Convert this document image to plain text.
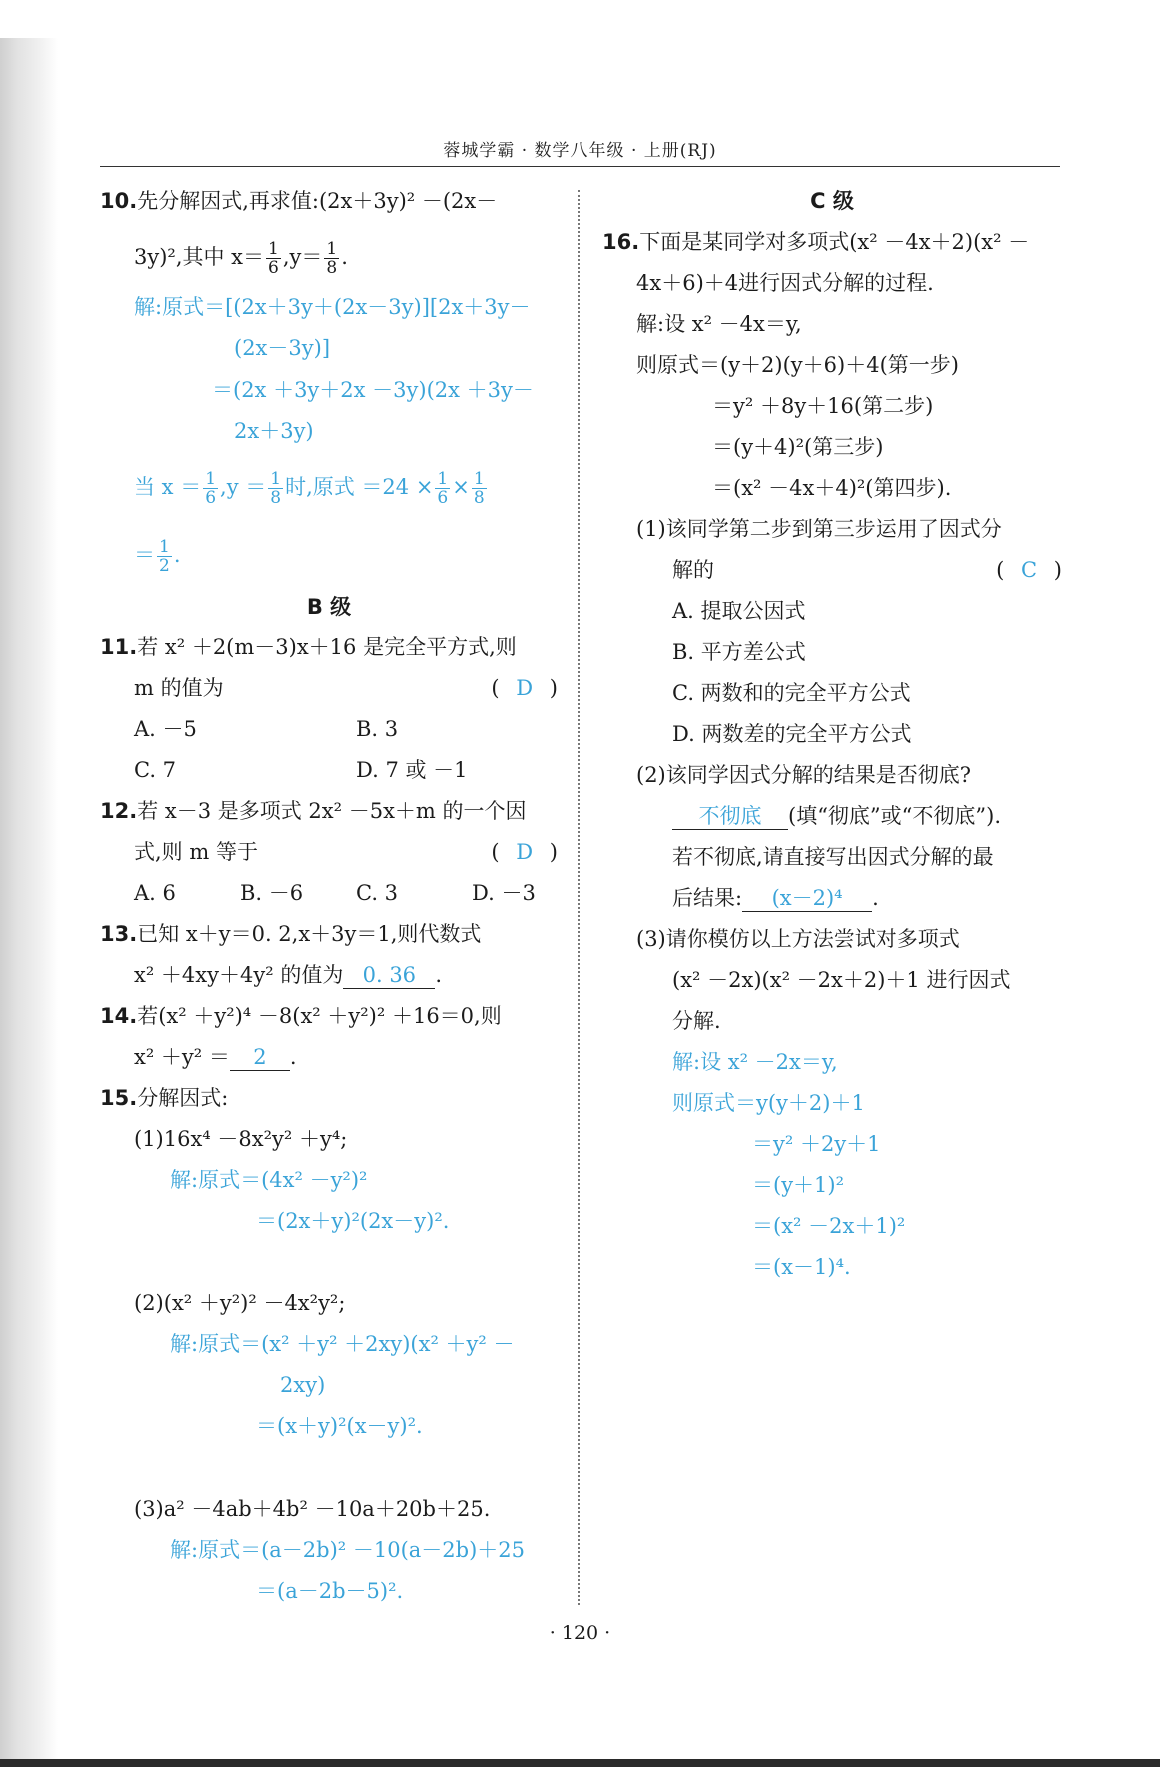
蓉城学霸 · 数学八年级 · 上册(RJ)
10.先分解因式,再求值:(2x＋3y)² －(2x－
3y)²,其中 $x= \frac{1}{6} ,y= \frac{1}{8}$ .
解:原式＝[(2x＋3y＋(2x－3y)][2x＋3y－
(2x－3y)]
＝(2x ＋3y＋2x －3y)(2x ＋3y－
2x＋3y)
当 $x = \frac{1}{6} ,y = \frac{1}{8}$ 时,原式 $=24 \times \frac{1}{6} \times \frac{1}{8}$
＝ $\frac{1}{2}$ .
B 级
11.若 x² ＋2(m－3)x＋16 是完全平方式,则
m 的值为	( D )
A. －5	B. 3
C. 7	D. 7 或 －1
12.若 x－3 是多项式 2x² －5x＋m 的一个因
式,则 m 等于	( D )
A. 6	B. －6	C. 3	D. －3
13.已知 x＋y＝0. 2,x＋3y＝1,则代数式
x² ＋4xy＋4y² 的值为 0. 36 .
14.若(x² ＋y²)⁴ －8(x² ＋y²)² ＋16＝0,则
x² ＋y² ＝ 2 .
15.分解因式:
(1)16x⁴ －8x²y² ＋y⁴;
解:原式＝(4x² －y²)²
＝(2x＋y)²(2x－y)².
(2)(x² ＋y²)² －4x²y²;
解:原式＝(x² ＋y² ＋2xy)(x² ＋y² －
2xy)
＝(x＋y)²(x－y)².
(3)a² －4ab＋4b² －10a＋20b＋25.
解:原式＝(a－2b)² －10(a－2b)＋25
＝(a－2b－5)².
C 级
16.下面是某同学对多项式(x² －4x＋2)(x² －
4x＋6)＋4进行因式分解的过程.
解:设 x² －4x＝y,
则原式＝(y＋2)(y＋6)＋4(第一步)
＝y² ＋8y＋16(第二步)
＝(y＋4)²(第三步)
＝(x² －4x＋4)²(第四步).
(1)该同学第二步到第三步运用了因式分
解的	( C )
A. 提取公因式
B. 平方差公式
C. 两数和的完全平方公式
D. 两数差的完全平方公式
(2)该同学因式分解的结果是否彻底?
不彻底 (填“彻底”或“不彻底”).
若不彻底,请直接写出因式分解的最
后结果: (x－2)⁴ .
(3)请你模仿以上方法尝试对多项式
(x² －2x)(x² －2x＋2)＋1 进行因式
分解.
解:设 x² －2x＝y,
则原式＝y(y＋2)＋1
＝y² ＋2y＋1
＝(y＋1)²
＝(x² －2x＋1)²
＝(x－1)⁴.
· 120 ·
